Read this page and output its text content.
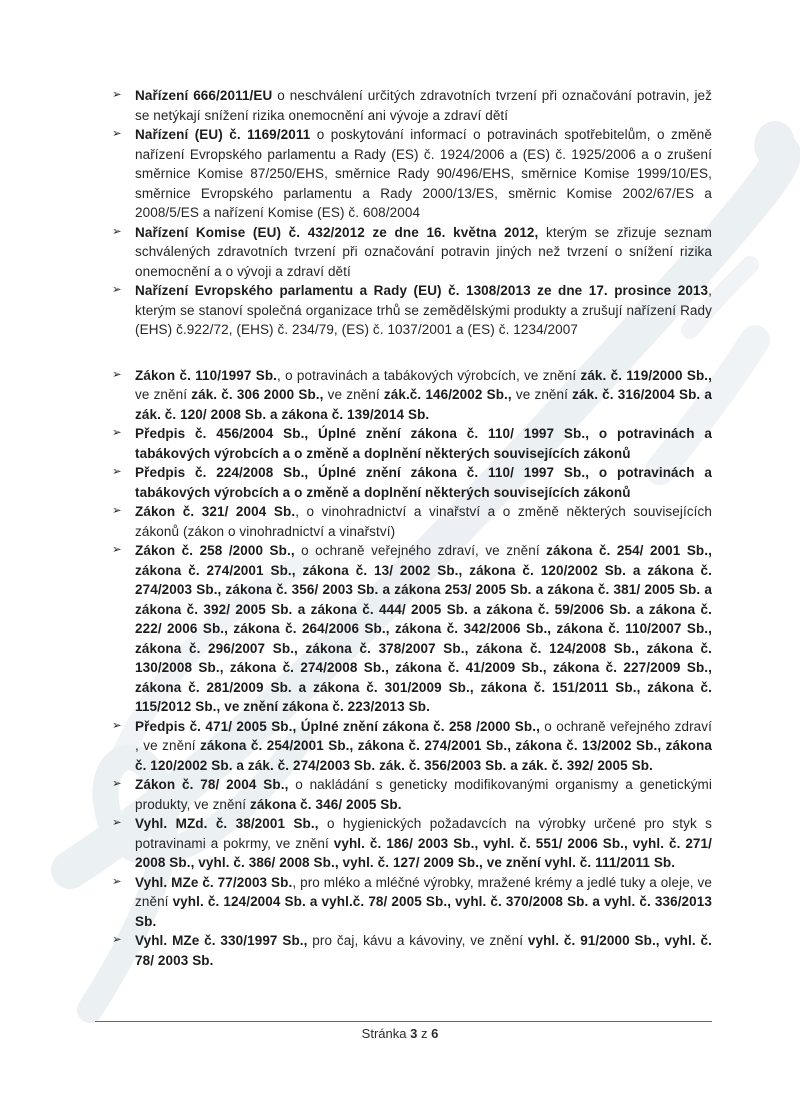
➢ Nařízení 666/2011/EU o neschválení určitých zdravotních tvrzení při označování potravin, jež se netýkají snížení rizika onemocnění ani vývoje a zdraví dětí
➢ Nařízení (EU) č. 1169/2011 o poskytování informací o potravinách spotřebitelům, o změně nařízení Evropského parlamentu a Rady (ES) č. 1924/2006 a (ES) č. 1925/2006 a o zrušení směrnice Komise 87/250/EHS, směrnice Rady 90/496/EHS, směrnice Komise 1999/10/ES, směrnice Evropského parlamentu a Rady 2000/13/ES, směrnic Komise 2002/67/ES a 2008/5/ES a nařízení Komise (ES) č. 608/2004
➢ Nařízení Komise (EU) č. 432/2012 ze dne 16. května 2012, kterým se zřizuje seznam schválených zdravotních tvrzení při označování potravin jiných než tvrzení o snížení rizika onemocnění a o vývoji a zdraví dětí
➢ Nařízení Evropského parlamentu a Rady (EU) č. 1308/2013 ze dne 17. prosince 2013, kterým se stanoví společná organizace trhů se zemědělskými produkty a zrušují nařízení Rady (EHS) č.922/72, (EHS) č. 234/79, (ES) č. 1037/2001 a (ES) č. 1234/2007
➢ Zákon č. 110/1997 Sb., o potravinách a tabákových výrobcích, ve znění zák. č. 119/2000 Sb., ve znění zák. č. 306 2000 Sb., ve znění zák.č. 146/2002 Sb., ve znění zák. č. 316/2004 Sb. a zák. č. 120/ 2008 Sb. a zákona č. 139/2014 Sb.
➢ Předpis č. 456/2004 Sb., Úplné znění zákona č. 110/ 1997 Sb., o potravinách a tabákových výrobcích a o změně a doplnění některých souvisejících zákonů
➢ Předpis č. 224/2008 Sb., Úplné znění zákona č. 110/ 1997 Sb., o potravinách a tabákových výrobcích a o změně a doplnění některých souvisejících zákonů
➢ Zákon č. 321/ 2004 Sb., o vinohradnictví a vinařství a o změně některých souvisejících zákonů (zákon o vinohradnictví a vinařství)
➢ Zákon č. 258 /2000 Sb., o ochraně veřejného zdraví, ve znění zákona č. 254/ 2001 Sb., zákona č. 274/2001 Sb., zákona č. 13/ 2002 Sb., zákona č. 120/2002 Sb. a zákona č. 274/2003 Sb., zákona č. 356/ 2003 Sb. a zákona 253/ 2005 Sb. a zákona č. 381/ 2005 Sb. a zákona č. 392/ 2005 Sb. a zákona č. 444/ 2005 Sb. a zákona č. 59/2006 Sb. a zákona č. 222/ 2006 Sb., zákona č. 264/2006 Sb., zákona č. 342/2006 Sb., zákona č. 110/2007 Sb., zákona č. 296/2007 Sb., zákona č. 378/2007 Sb., zákona č. 124/2008 Sb., zákona č. 130/2008 Sb., zákona č. 274/2008 Sb., zákona č. 41/2009 Sb., zákona č. 227/2009 Sb., zákona č. 281/2009 Sb. a zákona č. 301/2009 Sb., zákona č. 151/2011 Sb., zákona č. 115/2012 Sb., ve znění zákona č. 223/2013 Sb.
➢ Předpis č. 471/ 2005 Sb., Úplné znění zákona č. 258 /2000 Sb., o ochraně veřejného zdraví , ve znění zákona č. 254/2001 Sb., zákona č. 274/2001 Sb., zákona č. 13/2002 Sb., zákona č. 120/2002 Sb. a zák. č. 274/2003 Sb. zák. č. 356/2003 Sb. a zák. č. 392/ 2005 Sb.
➢ Zákon č. 78/ 2004 Sb., o nakládání s geneticky modifikovanými organismy a genetickými produkty, ve znění zákona č. 346/ 2005 Sb.
➢ Vyhl. MZd. č. 38/2001 Sb., o hygienických požadavcích na výrobky určené pro styk s potravinami a pokrmy, ve znění vyhl. č. 186/ 2003 Sb., vyhl. č. 551/ 2006 Sb., vyhl. č. 271/ 2008 Sb., vyhl. č. 386/ 2008 Sb., vyhl. č. 127/ 2009 Sb., ve znění vyhl. č. 111/2011 Sb.
➢ Vyhl. MZe č. 77/2003 Sb., pro mléko a mléčné výrobky, mražené krémy a jedlé tuky a oleje, ve znění vyhl. č. 124/2004 Sb. a vyhl.č. 78/ 2005 Sb., vyhl. č. 370/2008 Sb. a vyhl. č. 336/2013 Sb.
➢ Vyhl. MZe č. 330/1997 Sb., pro čaj, kávu a kávoviny, ve znění vyhl. č. 91/2000 Sb., vyhl. č. 78/ 2003 Sb.
Stránka 3 z 6
